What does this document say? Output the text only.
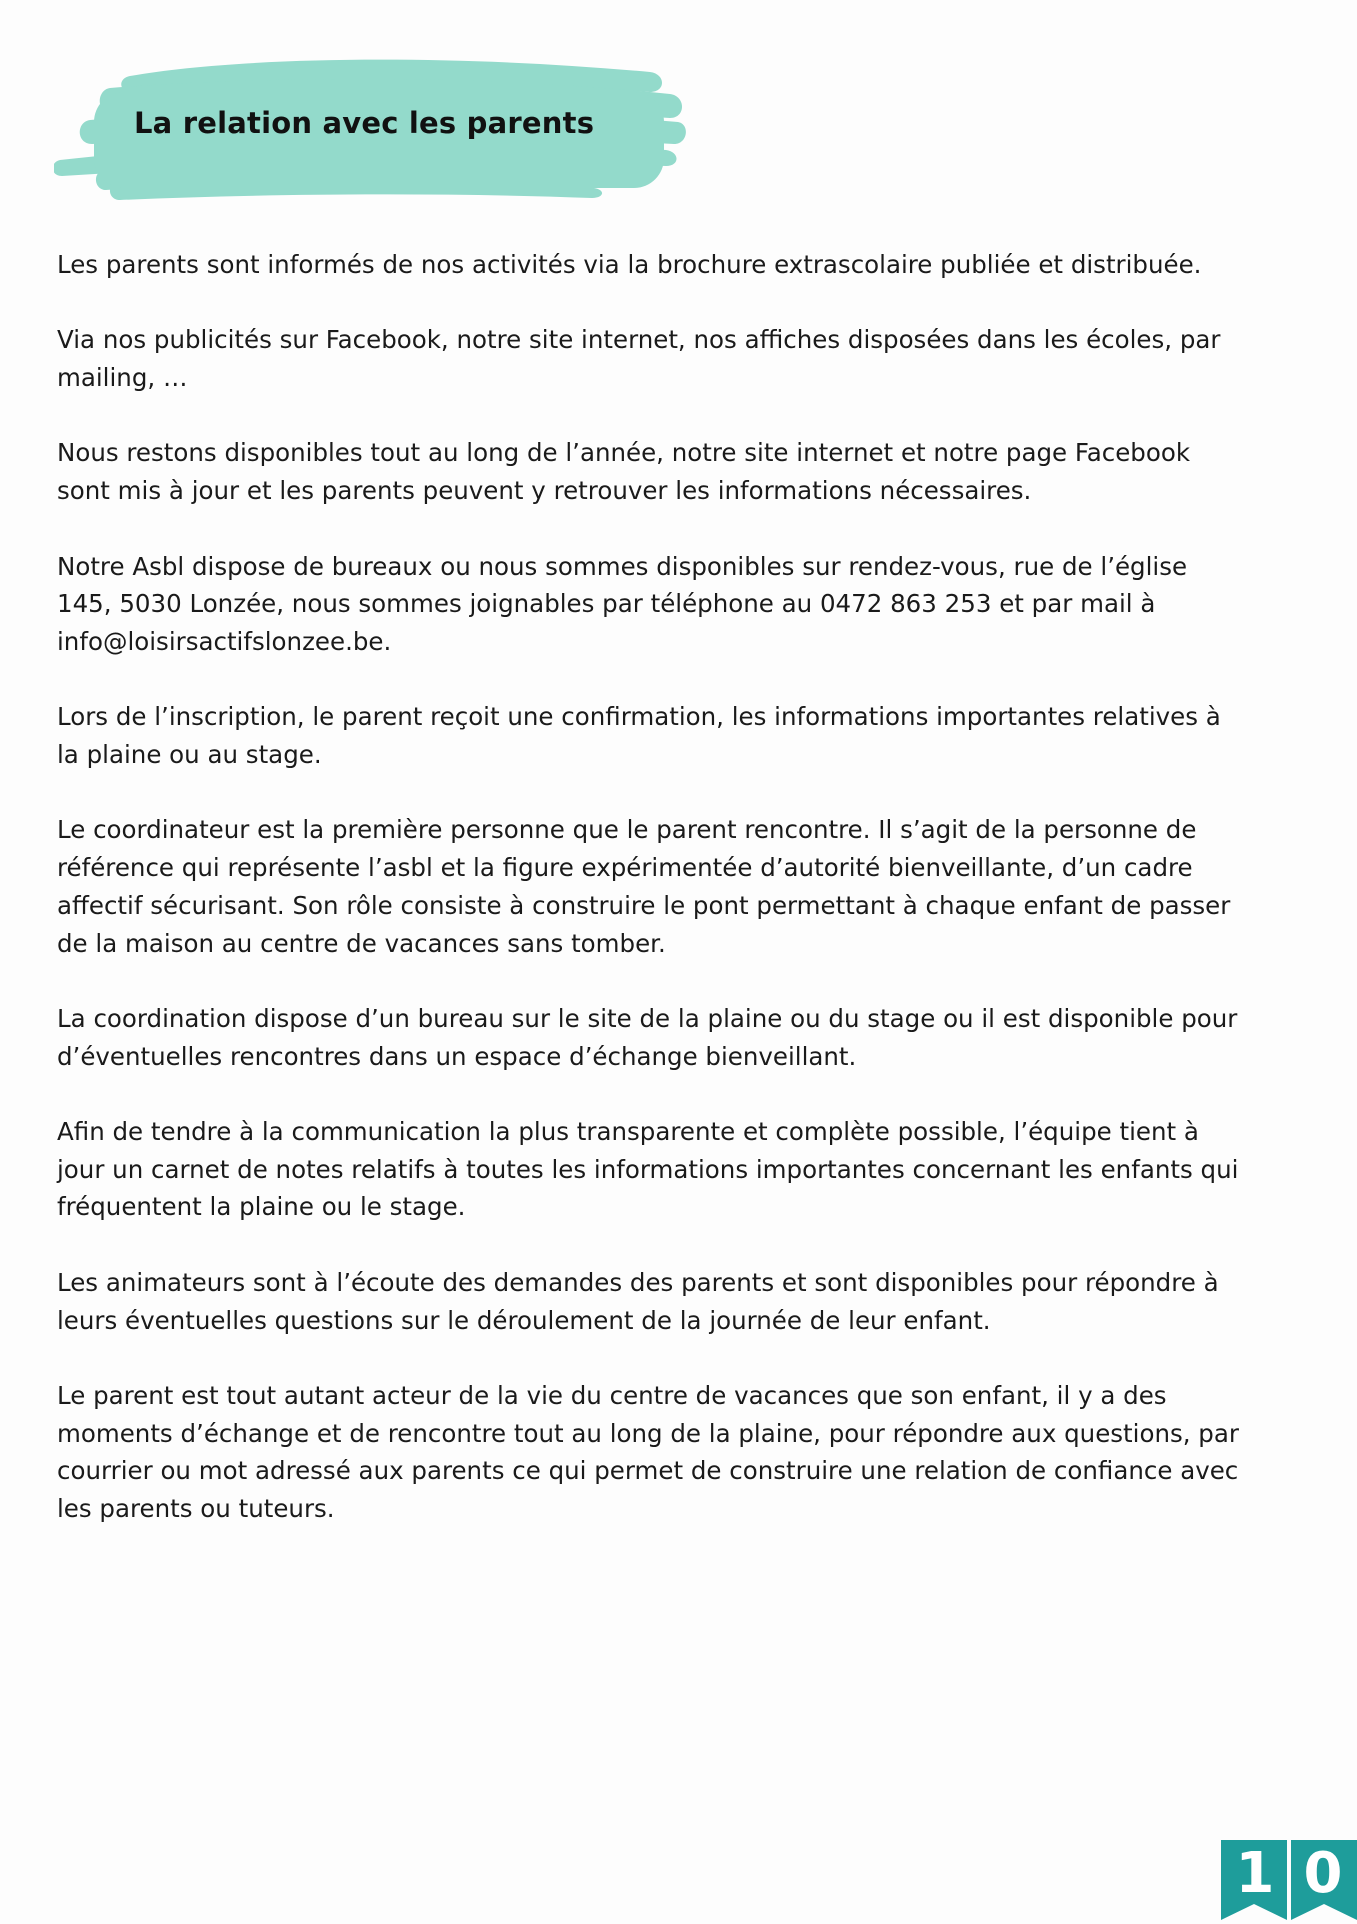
La relation avec les parents

Les parents sont informés de nos activités via la brochure extrascolaire publiée et distribuée.

Via nos publicités sur Facebook, notre site internet, nos affiches disposées dans les écoles, par mailing, …

Nous restons disponibles tout au long de l’année, notre site internet et notre page Facebook sont mis à jour et les parents peuvent y retrouver les informations nécessaires.

Notre Asbl dispose de bureaux ou nous sommes disponibles sur rendez-vous, rue de l’église 145, 5030 Lonzée, nous sommes joignables par téléphone au 0472 863 253 et par mail à info@loisirsactifslonzee.be.

Lors de l’inscription, le parent reçoit une confirmation, les informations importantes relatives à la plaine ou au stage.

Le coordinateur est la première personne que le parent rencontre. Il s’agit de la personne de référence qui représente l’asbl et la figure expérimentée d’autorité bienveillante, d’un cadre affectif sécurisant. Son rôle consiste à construire le pont permettant à chaque enfant de passer de la maison au centre de vacances sans tomber.

La coordination dispose d’un bureau sur le site de la plaine ou du stage ou il est disponible pour d’éventuelles rencontres dans un espace d’échange bienveillant.

Afin de tendre à la communication la plus transparente et complète possible, l’équipe tient à jour un carnet de notes relatifs à toutes les informations importantes concernant les enfants qui fréquentent la plaine ou le stage.

Les animateurs sont à l’écoute des demandes des parents et sont disponibles pour répondre à leurs éventuelles questions sur le déroulement de la journée de leur enfant.

Le parent est tout autant acteur de la vie du centre de vacances que son enfant, il y a des moments d’échange et de rencontre tout au long de la plaine, pour répondre aux questions, par courrier ou mot adressé aux parents ce qui permet de construire une relation de confiance avec les parents ou tuteurs.

1 0
